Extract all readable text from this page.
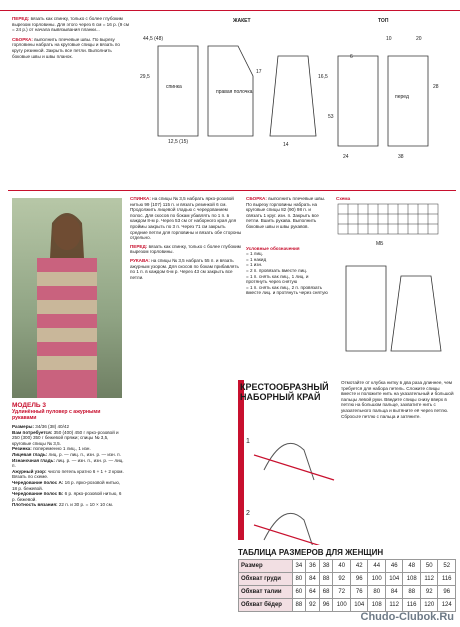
ПЕРЕД: вязать как спинку, только с более глубоким вырезом горловины. Для этого через 6 см = 16 р. (9 см = 24 р.) от начала вывязывания планки...

СБОРКА: выполнить плечевые швы. По вырезу горловины набрать на круговые спицы и вязать по кругу резинкой. Закрыть все петли. Выполнить боковые швы и швы планок.

ЖАКЕТ	ТОП
спинка
правая полочка
перед
44,5 (48)
12,5 (15)
17
16,5
29,5
14
24
28
38
53
6
10	20

МОДЕЛЬ 3

Удлинённый пуловер с ажурными рукавами

Размеры: 34/36 (38) 40/42

Вам потребуется: 350 (400) 450 г ярко-розовой и 250 (300) 350 г бежевой пряжи; спицы № 3,5, круговые спицы № 3,5.

Резинка: попеременно 1 лиц., 1 изн.

Лицевая гладь: лиц. р. — лиц. п., изн. р. — изн. п.

Изнаночная гладь: лиц. р. — изн. п., изн. р. — лиц. п.

Ажурный узор: число петель кратно 6 + 1 + 2 кром. Вязать по схеме.

Чередование полос А: 16 р. ярко-розовой нитью, 18 р. бежевой.

Чередование полос Б: 6 р. ярко-розовой нитью, 6 р. бежевой.

Плотность вязания: 22 п. и 30 р. = 10 × 10 см.

СПИНКА: на спицы № 3,5 набрать ярко-розовой нитью 99 (107) 115 п. и вязать резинкой 6 см. Продолжить лицевой гладью с чередованием полос. Для скосов по бокам убавлять по 1 п. в каждом 8-м р. Через 53 см от наборного края для проймы закрыть по 3 п. Через 71 см закрыть средние петли для горловины и вязать обе стороны отдельно.

ПЕРЕД: вязать как спинку, только с более глубоким вырезом горловины.

РУКАВА: на спицы № 3,5 набрать 55 п. и вязать ажурным узором. Для скосов по бокам прибавлять по 1 п. в каждом 6-м р. Через 43 см закрыть все петли.

СБОРКА: выполнить плечевые швы. По вырезу горловины набрать на круговые спицы 82 (90) 98 п. и связать 1 круг. изн. п. Закрыть все петли. Вшить рукава. Выполнить боковые швы и швы рукавов.

Условные обозначения

= 1 лиц.

= 1 накид

= 1 изн.

= 2 п. провязать вместе лиц.

= 1 п. снять как лиц., 1 лиц. и протянуть через снятую

= 1 п. снять как лиц., 2 п. провязать вместе лиц. и протянуть через снятую

Схема

МБ
1
2
КРЕСТООБРАЗНЫЙ НАБОРНЫЙ КРАЙ

Отмотайте от клубка нитку в два раза длиннее, чем требуется для набора петель. Сложите спицы вместе и положите нить на указательный и большой пальцы левой руки. Введите спицы снизу вверх в петлю на большом пальце, захватите нить с указательного пальца и вытяните её через петлю. Сбросьте петлю с пальца и затяните.

ТАБЛИЦА РАЗМЕРОВ ДЛЯ ЖЕНЩИН
Размер	34	36	38	40	42	44	46	48	50	52
Обхват груди	80	84	88	92	96	100	104	108	112	116
Обхват талии	60	64	68	72	76	80	84	88	92	96
Обхват бёдер	88	92	96	100	104	108	112	116	120	124
Chudo-Clubok.Ru
